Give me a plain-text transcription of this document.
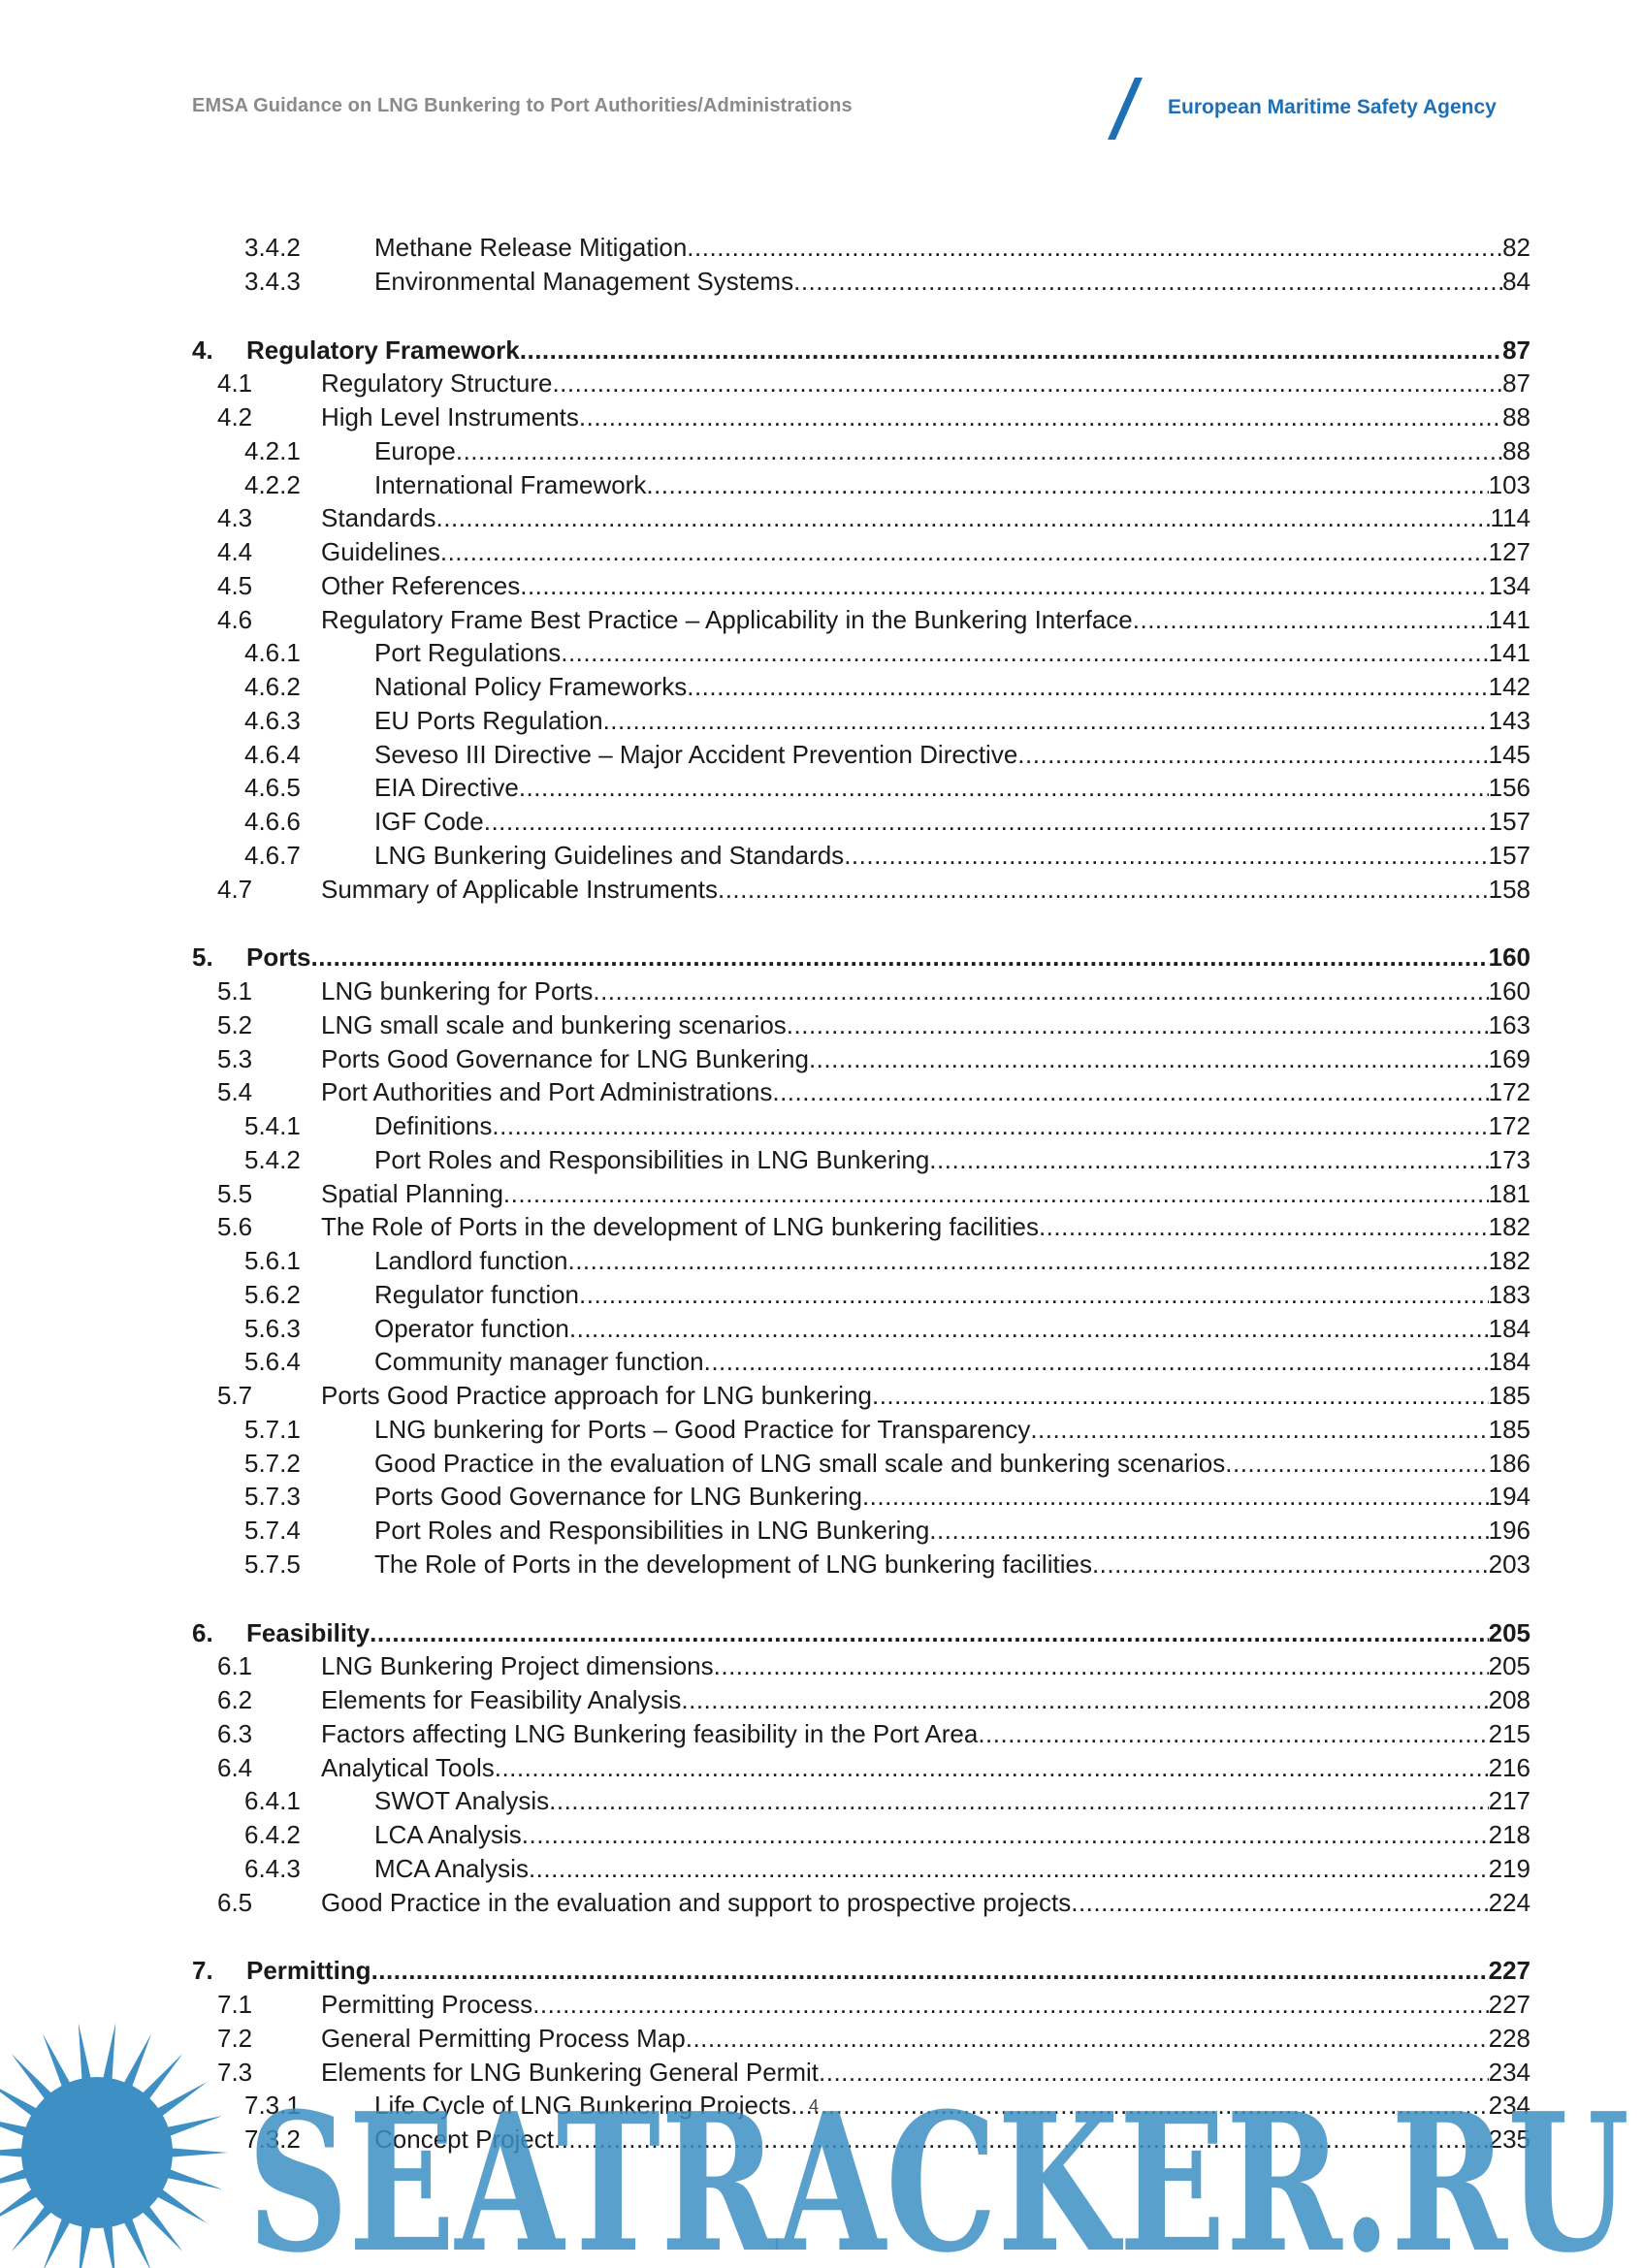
EMSA Guidance on LNG Bunkering to Port Authorities/Administrations	European Maritime Safety Agency
3.4.2	Methane Release Mitigation .....	82
3.4.3	Environmental Management Systems .....	84
4. Regulatory Framework .....	87
4.1	Regulatory Structure .....	87
4.2	High Level Instruments .....	88
4.2.1	Europe .....	88
4.2.2	International Framework .....	103
4.3	Standards .....	114
4.4	Guidelines .....	127
4.5	Other References .....	134
4.6	Regulatory Frame Best Practice – Applicability in the Bunkering Interface .....	141
4.6.1	Port Regulations .....	141
4.6.2	National Policy Frameworks .....	142
4.6.3	EU Ports Regulation .....	143
4.6.4	Seveso III Directive – Major Accident Prevention Directive .....	145
4.6.5	EIA Directive .....	156
4.6.6	IGF Code .....	157
4.6.7	LNG Bunkering Guidelines and Standards .....	157
4.7	Summary of Applicable Instruments .....	158
5. Ports .....	160
5.1	LNG bunkering for Ports .....	160
5.2	LNG small scale and bunkering scenarios .....	163
5.3	Ports Good Governance for LNG Bunkering .....	169
5.4	Port Authorities and Port Administrations .....	172
5.4.1	Definitions .....	172
5.4.2	Port Roles and Responsibilities in LNG Bunkering .....	173
5.5	Spatial Planning .....	181
5.6	The Role of Ports in the development of LNG bunkering facilities .....	182
5.6.1	Landlord function .....	182
5.6.2	Regulator function .....	183
5.6.3	Operator function .....	184
5.6.4	Community manager function .....	184
5.7	Ports Good Practice approach for LNG bunkering .....	185
5.7.1	LNG bunkering for Ports – Good Practice for Transparency .....	185
5.7.2	Good Practice in the evaluation of LNG small scale and bunkering scenarios .....	186
5.7.3	Ports Good Governance for LNG Bunkering .....	194
5.7.4	Port Roles and Responsibilities in LNG Bunkering .....	196
5.7.5	The Role of Ports in the development of LNG bunkering facilities .....	203
6. Feasibility .....	205
6.1	LNG Bunkering Project dimensions .....	205
6.2	Elements for Feasibility Analysis .....	208
6.3	Factors affecting LNG Bunkering feasibility in the Port Area .....	215
6.4	Analytical Tools .....	216
6.4.1	SWOT Analysis .....	217
6.4.2	LCA Analysis .....	218
6.4.3	MCA Analysis .....	219
6.5	Good Practice in the evaluation and support to prospective projects .....	224
7. Permitting .....	227
7.1	Permitting Process .....	227
7.2	General Permitting Process Map .....	228
7.3	Elements for LNG Bunkering General Permit .....	234
7.3.1	Life Cycle of LNG Bunkering Projects .....	234
7.3.2	Concept Project .....	235
4
SEATRACKER.RU
